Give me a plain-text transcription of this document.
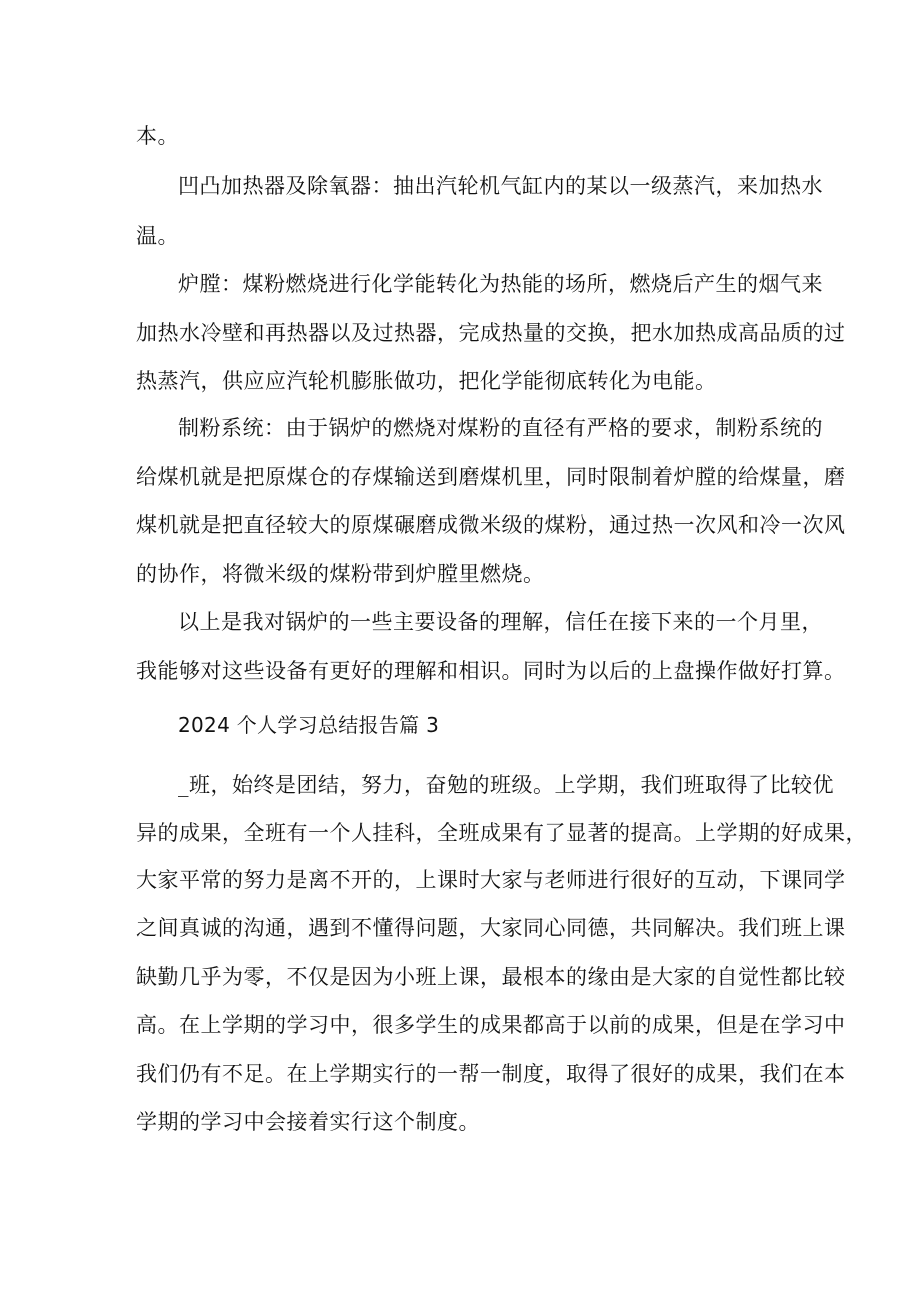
本。
凹凸加热器及除氧器：抽出汽轮机气缸内的某以一级蒸汽，来加热水
温。
炉膛：煤粉燃烧进行化学能转化为热能的场所，燃烧后产生的烟气来
加热水冷壁和再热器以及过热器，完成热量的交换，把水加热成高品质的过
热蒸汽，供应应汽轮机膨胀做功，把化学能彻底转化为电能。
制粉系统：由于锅炉的燃烧对煤粉的直径有严格的要求，制粉系统的
给煤机就是把原煤仓的存煤输送到磨煤机里，同时限制着炉膛的给煤量，磨
煤机就是把直径较大的原煤碾磨成微米级的煤粉，通过热一次风和冷一次风
的协作，将微米级的煤粉带到炉膛里燃烧。
以上是我对锅炉的一些主要设备的理解，信任在接下来的一个月里，
我能够对这些设备有更好的理解和相识。同时为以后的上盘操作做好打算。
2024 个人学习总结报告篇 3
_班，始终是团结，努力，奋勉的班级。上学期，我们班取得了比较优
异的成果，全班有一个人挂科，全班成果有了显著的提高。上学期的好成果，
大家平常的努力是离不开的，上课时大家与老师进行很好的互动，下课同学
之间真诚的沟通，遇到不懂得问题，大家同心同德，共同解决。我们班上课
缺勤几乎为零，不仅是因为小班上课，最根本的缘由是大家的自觉性都比较
高。在上学期的学习中，很多学生的成果都高于以前的成果，但是在学习中
我们仍有不足。在上学期实行的一帮一制度，取得了很好的成果，我们在本
学期的学习中会接着实行这个制度。
